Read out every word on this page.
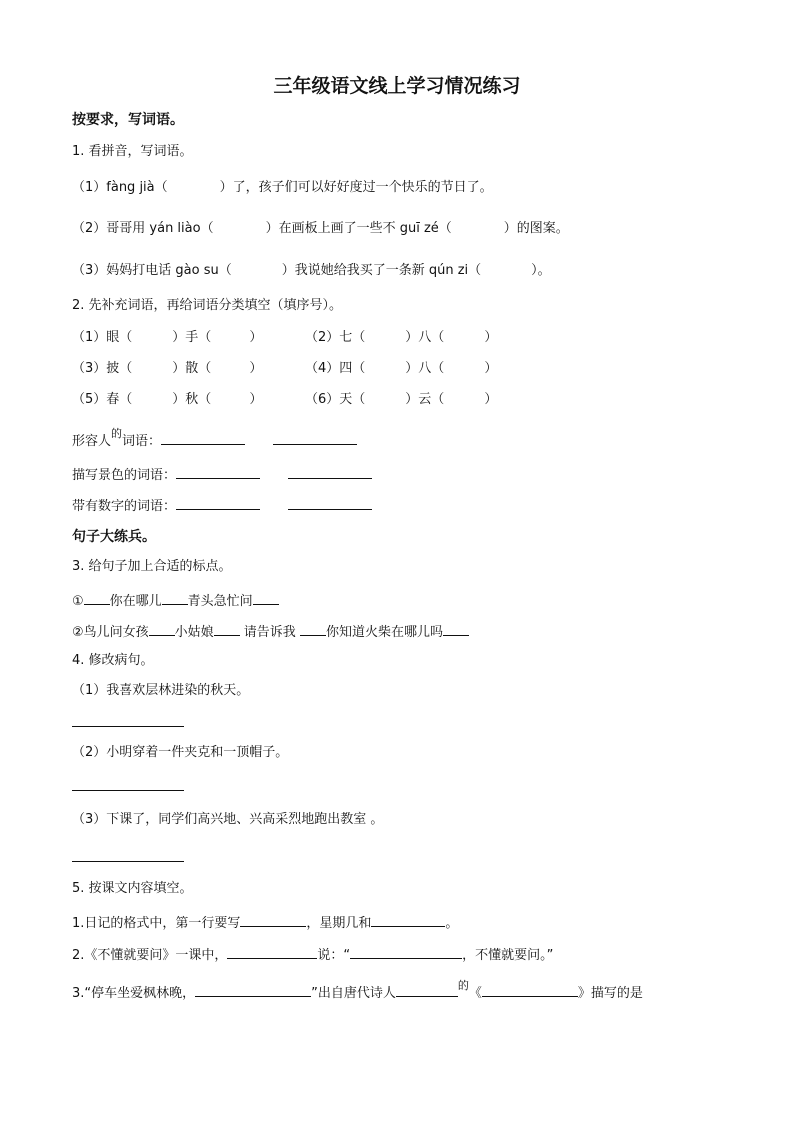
三年级语文线上学习情况练习
按要求，写词语。
1. 看拼音，写词语。
（1）fàng jià（	）了，孩子们可以好好度过一个快乐的节日了。
（2）哥哥用 yán liào（	）在画板上画了一些不 guī zé（	）的图案。
（3）妈妈打电话 gào su（	）我说她给我买了一条新 qún zi（	）。
2. 先补充词语，再给词语分类填空（填序号）。
（1）眼（	）手（	）	（2）七（	）八（	）
（3）披（	）散（	）	（4）四（	）八（	）
（5）春（	）秋（	）	（6）天（	）云（	）
形容人$^的$词语：
描写景色的词语：
带有数字的词语：
句子大练兵。
3. 给句子加上合适的标点。
① 你在哪儿 青头急忙问
②鸟儿问女孩 小姑娘 请告诉我 你知道火柴在哪儿吗
4. 修改病句。
（1）我喜欢层林进染的秋天。
（2）小明穿着一件夹克和一顶帽子。
（3）下课了，同学们高兴地、兴高采烈地跑出教室 。
5. 按课文内容填空。
1.日记的格式中，第一行要写	，星期几和	。
2.《不懂就要问》一课中，	说：“	，不懂就要问。”
3.“停车坐爱枫林晚，	”出自唐代诗人$^的$《	》描写的是
